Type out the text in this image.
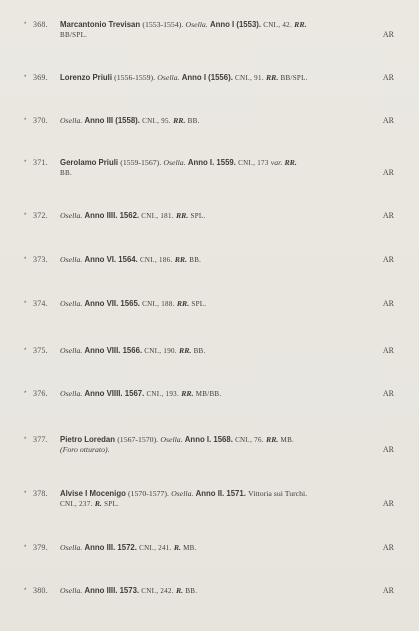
* 368. Marcantonio Trevisan (1553-1554). Osella. Anno I (1553). CNI., 42. RR.
BB/SPL.	AR
* 369. Lorenzo Priuli (1556-1559). Osella. Anno I (1556). CNI., 91. RR. BB/SPL.	AR
* 370. Osella. Anno III (1558). CNI., 95. RR. BB.	AR
* 371. Gerolamo Priuli (1559-1567). Osella. Anno I. 1559. CNI., 173 var. RR.
BB.	AR
* 372. Osella. Anno IIII. 1562. CNI., 181. RR. SPL.	AR
* 373. Osella. Anno VI. 1564. CNI., 186. RR. BB.	AR
* 374. Osella. Anno VII. 1565. CNI., 188. RR. SPL.	AR
* 375. Osella. Anno VIII. 1566. CNI., 190. RR. BB.	AR
* 376. Osella. Anno VIIII. 1567. CNI., 193. RR. MB/BB.	AR
* 377. Pietro Loredan (1567-1570). Osella. Anno I. 1568. CNI., 76. RR. MB.
(Foro otturato).	AR
* 378. Alvise I Mocenigo (1570-1577). Osella. Anno II. 1571. Vittoria sui Turchi.
CNI., 237. R. SPL.	AR
* 379. Osella. Anno III. 1572. CNI., 241. R. MB.	AR
* 380. Osella. Anno IIII. 1573. CNI., 242. R. BB.	AR
